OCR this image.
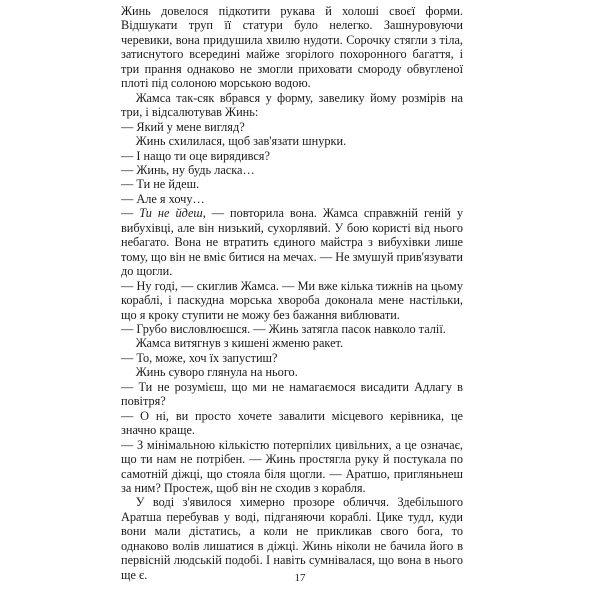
Жинь довелося підкотити рукава й холоші своєї форми. Відшукати труп її статури було нелегко. Зашнуровуючи черевики, вона придушила хвилю нудоти. Сорочку стягли з тіла, затиснутого всередині майже згорілого похоронного багаття, і три прання однаково не змогли приховати смороду обвугленої плоті під солоною морською водою.

Жамса так-сяк вбрався у форму, завелику йому розмірів на три, і відсалютував Жинь:

— Який у мене вигляд?

Жинь схилилася, щоб зав'язати шнурки.

— І нащо ти оце вирядився?

— Жинь, ну будь ласка…

— Ти не йдеш.

— Але я хочу…

— Ти не йдеш, — повторила вона. Жамса справжній геній у вибухівці, але він низький, сухорлявий. У бою користі від нього небагато. Вона не втратить єдиного майстра з вибухівки лише тому, що він не вміє битися на мечах. — Не змушуй прив'язувати до щогли.

— Ну годі, — скиглив Жамса. — Ми вже кілька тижнів на цьому кораблі, і паскудна морська хвороба доконала мене настільки, що я кроку ступити не можу без бажання виблювати.

— Грубо висловлюєшся. — Жинь затягла пасок навколо талії.

Жамса витягнув з кишені жменю ракет.

— То, може, хоч їх запустиш?

Жинь суворо глянула на нього.

— Ти не розумієш, що ми не намагаємося висадити Адлагу в повітря?

— О ні, ви просто хочете завалити місцевого керівника, це значно краще.

— З мінімальною кількістю потерпілих цивільних, а це означає, що ти нам не потрібен. — Жинь простягла руку й постукала по самотній діжці, що стояла біля щогли. — Аратшо, пригляньнеш за ним? Простеж, щоб він не сходив з корабля.

У воді з'явилося химерно прозоре обличчя. Здебільшого Аратша перебував у воді, підганяючи кораблі. Цике тудл, куди вони мали дістатись, а коли не прикликав свого бога, то однаково волів лишатися в діжці. Жинь ніколи не бачила його в первісній людській подобі. І навіть сумнівалася, що вона в нього ще є.	17
